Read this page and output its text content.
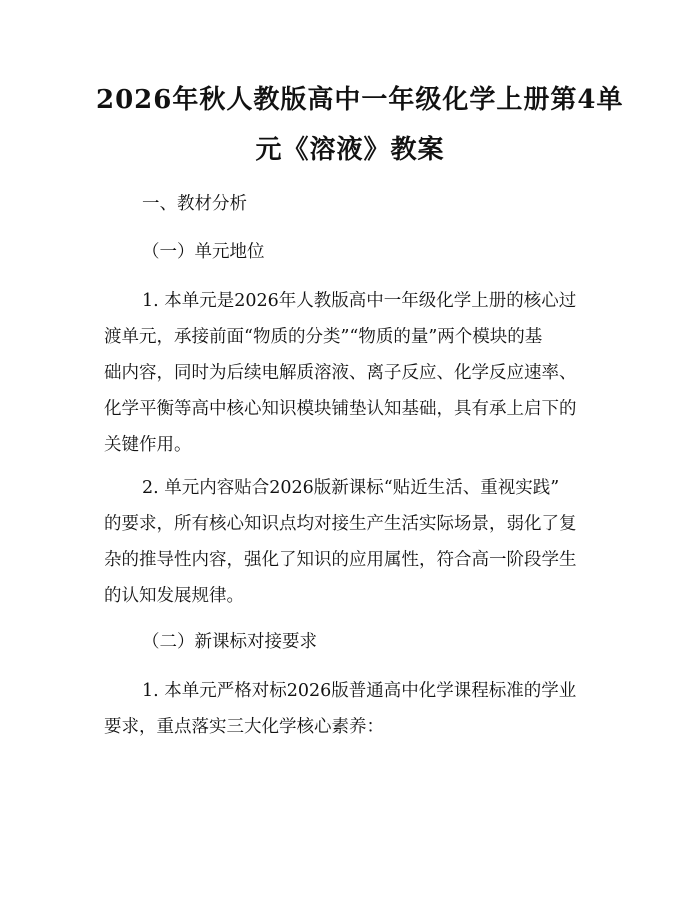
2026年秋人教版高中一年级化学上册第4单
元《溶液》教案
一、教材分析
（一）单元地位
1. 本单元是2026年人教版高中一年级化学上册的核心过
渡单元，承接前面“物质的分类”“物质的量”两个模块的基
础内容，同时为后续电解质溶液、离子反应、化学反应速率、
化学平衡等高中核心知识模块铺垫认知基础，具有承上启下的
关键作用。
2. 单元内容贴合2026版新课标“贴近生活、重视实践”
的要求，所有核心知识点均对接生产生活实际场景，弱化了复
杂的推导性内容，强化了知识的应用属性，符合高一阶段学生
的认知发展规律。
（二）新课标对接要求
1. 本单元严格对标2026版普通高中化学课程标准的学业
要求，重点落实三大化学核心素养：
